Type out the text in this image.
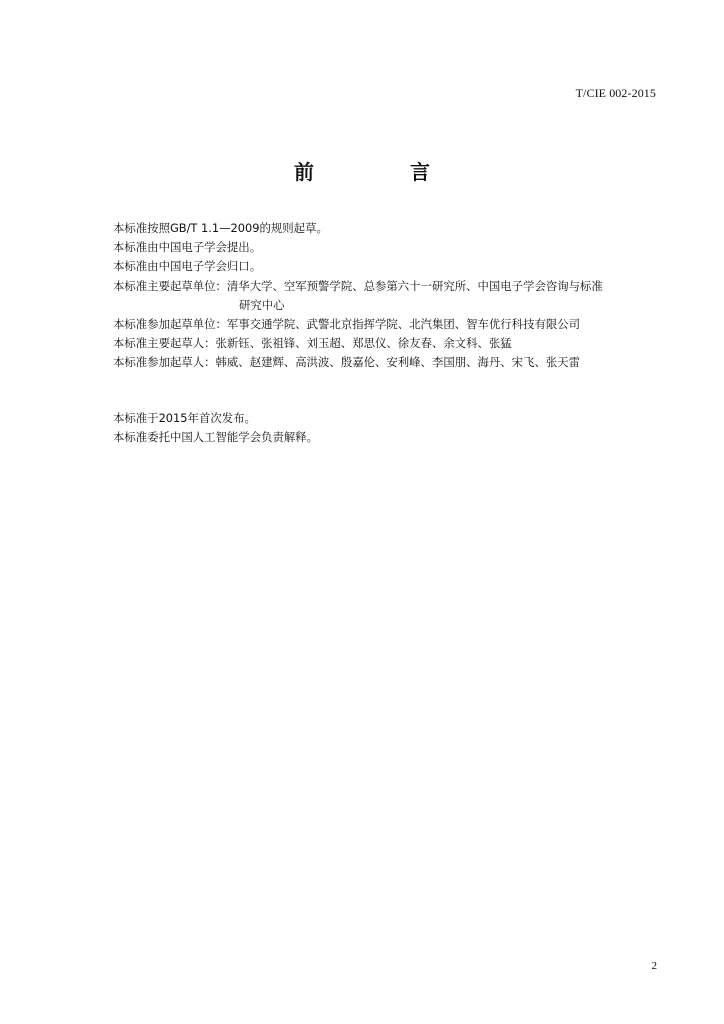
T/CIE 002-2015
前　言
本标准按照GB/T 1.1—2009的规则起草。
本标准由中国电子学会提出。
本标准由中国电子学会归口。
本标准主要起草单位：清华大学、空军预警学院、总参第六十一研究所、中国电子学会咨询与标准
研究中心
本标准参加起草单位：军事交通学院、武警北京指挥学院、北汽集团、智车优行科技有限公司
本标准主要起草人：张新钰、张祖锋、刘玉超、郑思仪、徐友春、余文科、张猛
本标准参加起草人：韩威、赵建辉、高洪波、殷嘉伦、安利峰、李国朋、海丹、宋飞、张天雷
本标准于2015年首次发布。
本标准委托中国人工智能学会负责解释。
2
